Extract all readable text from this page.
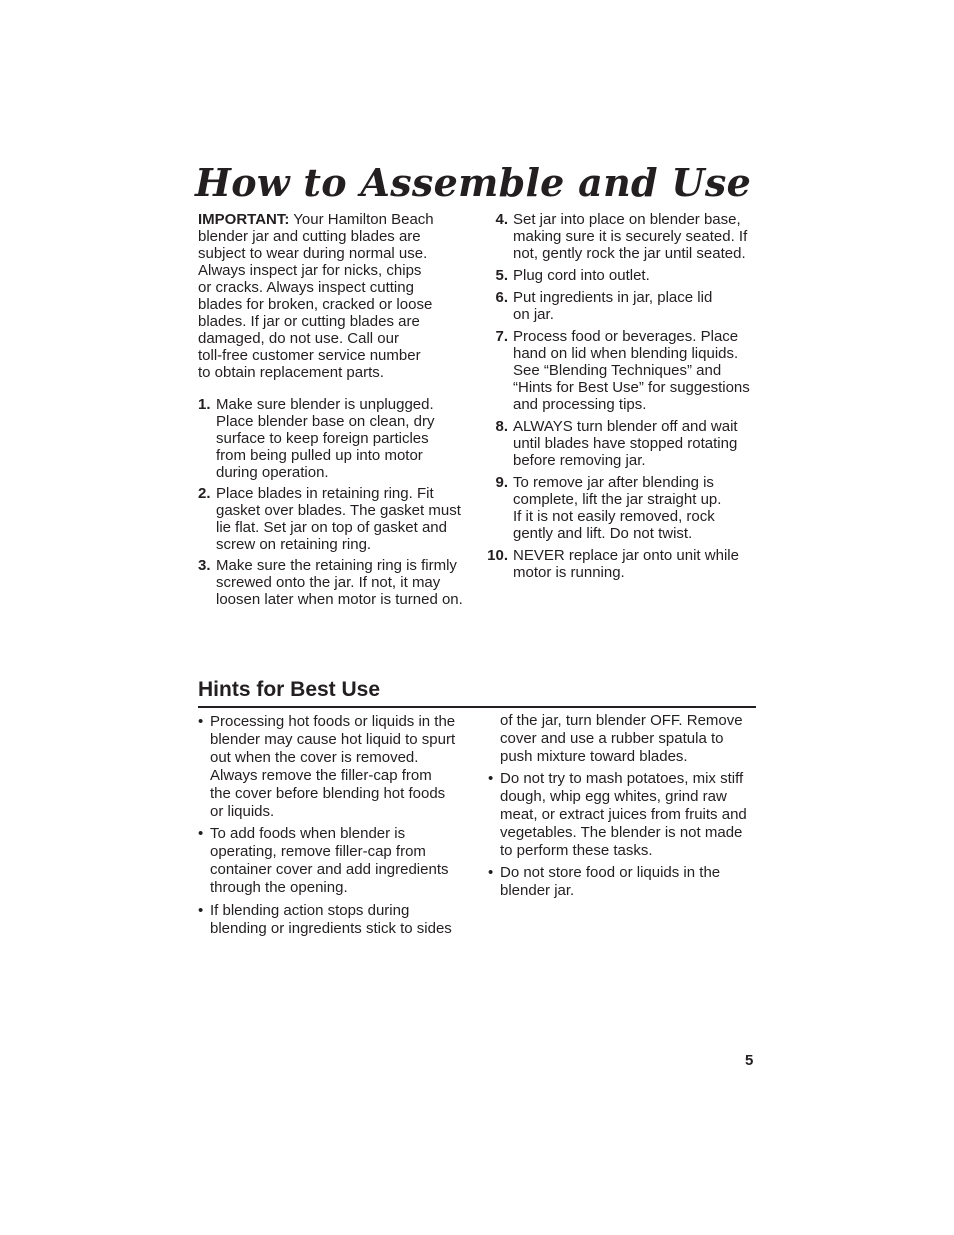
How to Assemble and Use

IMPORTANT: Your Hamilton Beach
blender jar and cutting blades are
subject to wear during normal use.
Always inspect jar for nicks, chips
or cracks. Always inspect cutting
blades for broken, cracked or loose
blades. If jar or cutting blades are
damaged, do not use. Call our
toll-free customer service number
to obtain replacement parts.

1. Make sure blender is unplugged.
Place blender base on clean, dry
surface to keep foreign particles
from being pulled up into motor
during operation.
2. Place blades in retaining ring. Fit
gasket over blades. The gasket must
lie flat. Set jar on top of gasket and
screw on retaining ring.
3. Make sure the retaining ring is firmly
screwed onto the jar. If not, it may
loosen later when motor is turned on.
4. Set jar into place on blender base,
making sure it is securely seated. If
not, gently rock the jar until seated.
5. Plug cord into outlet.
6. Put ingredients in jar, place lid
on jar.
7. Process food or beverages. Place
hand on lid when blending liquids.
See “Blending Techniques” and
“Hints for Best Use” for suggestions
and processing tips.
8. ALWAYS turn blender off and wait
until blades have stopped rotating
before removing jar.
9. To remove jar after blending is
complete, lift the jar straight up.
If it is not easily removed, rock
gently and lift. Do not twist.
10. NEVER replace jar onto unit while
motor is running.
Hints for Best Use
• Processing hot foods or liquids in the
blender may cause hot liquid to spurt
out when the cover is removed.
Always remove the filler-cap from
the cover before blending hot foods
or liquids.
• To add foods when blender is
operating, remove filler-cap from
container cover and add ingredients
through the opening.
• If blending action stops during
blending or ingredients stick to sides

of the jar, turn blender OFF. Remove
cover and use a rubber spatula to
push mixture toward blades.

• Do not try to mash potatoes, mix stiff
dough, whip egg whites, grind raw
meat, or extract juices from fruits and
vegetables. The blender is not made
to perform these tasks.
• Do not store food or liquids in the
blender jar.

5
